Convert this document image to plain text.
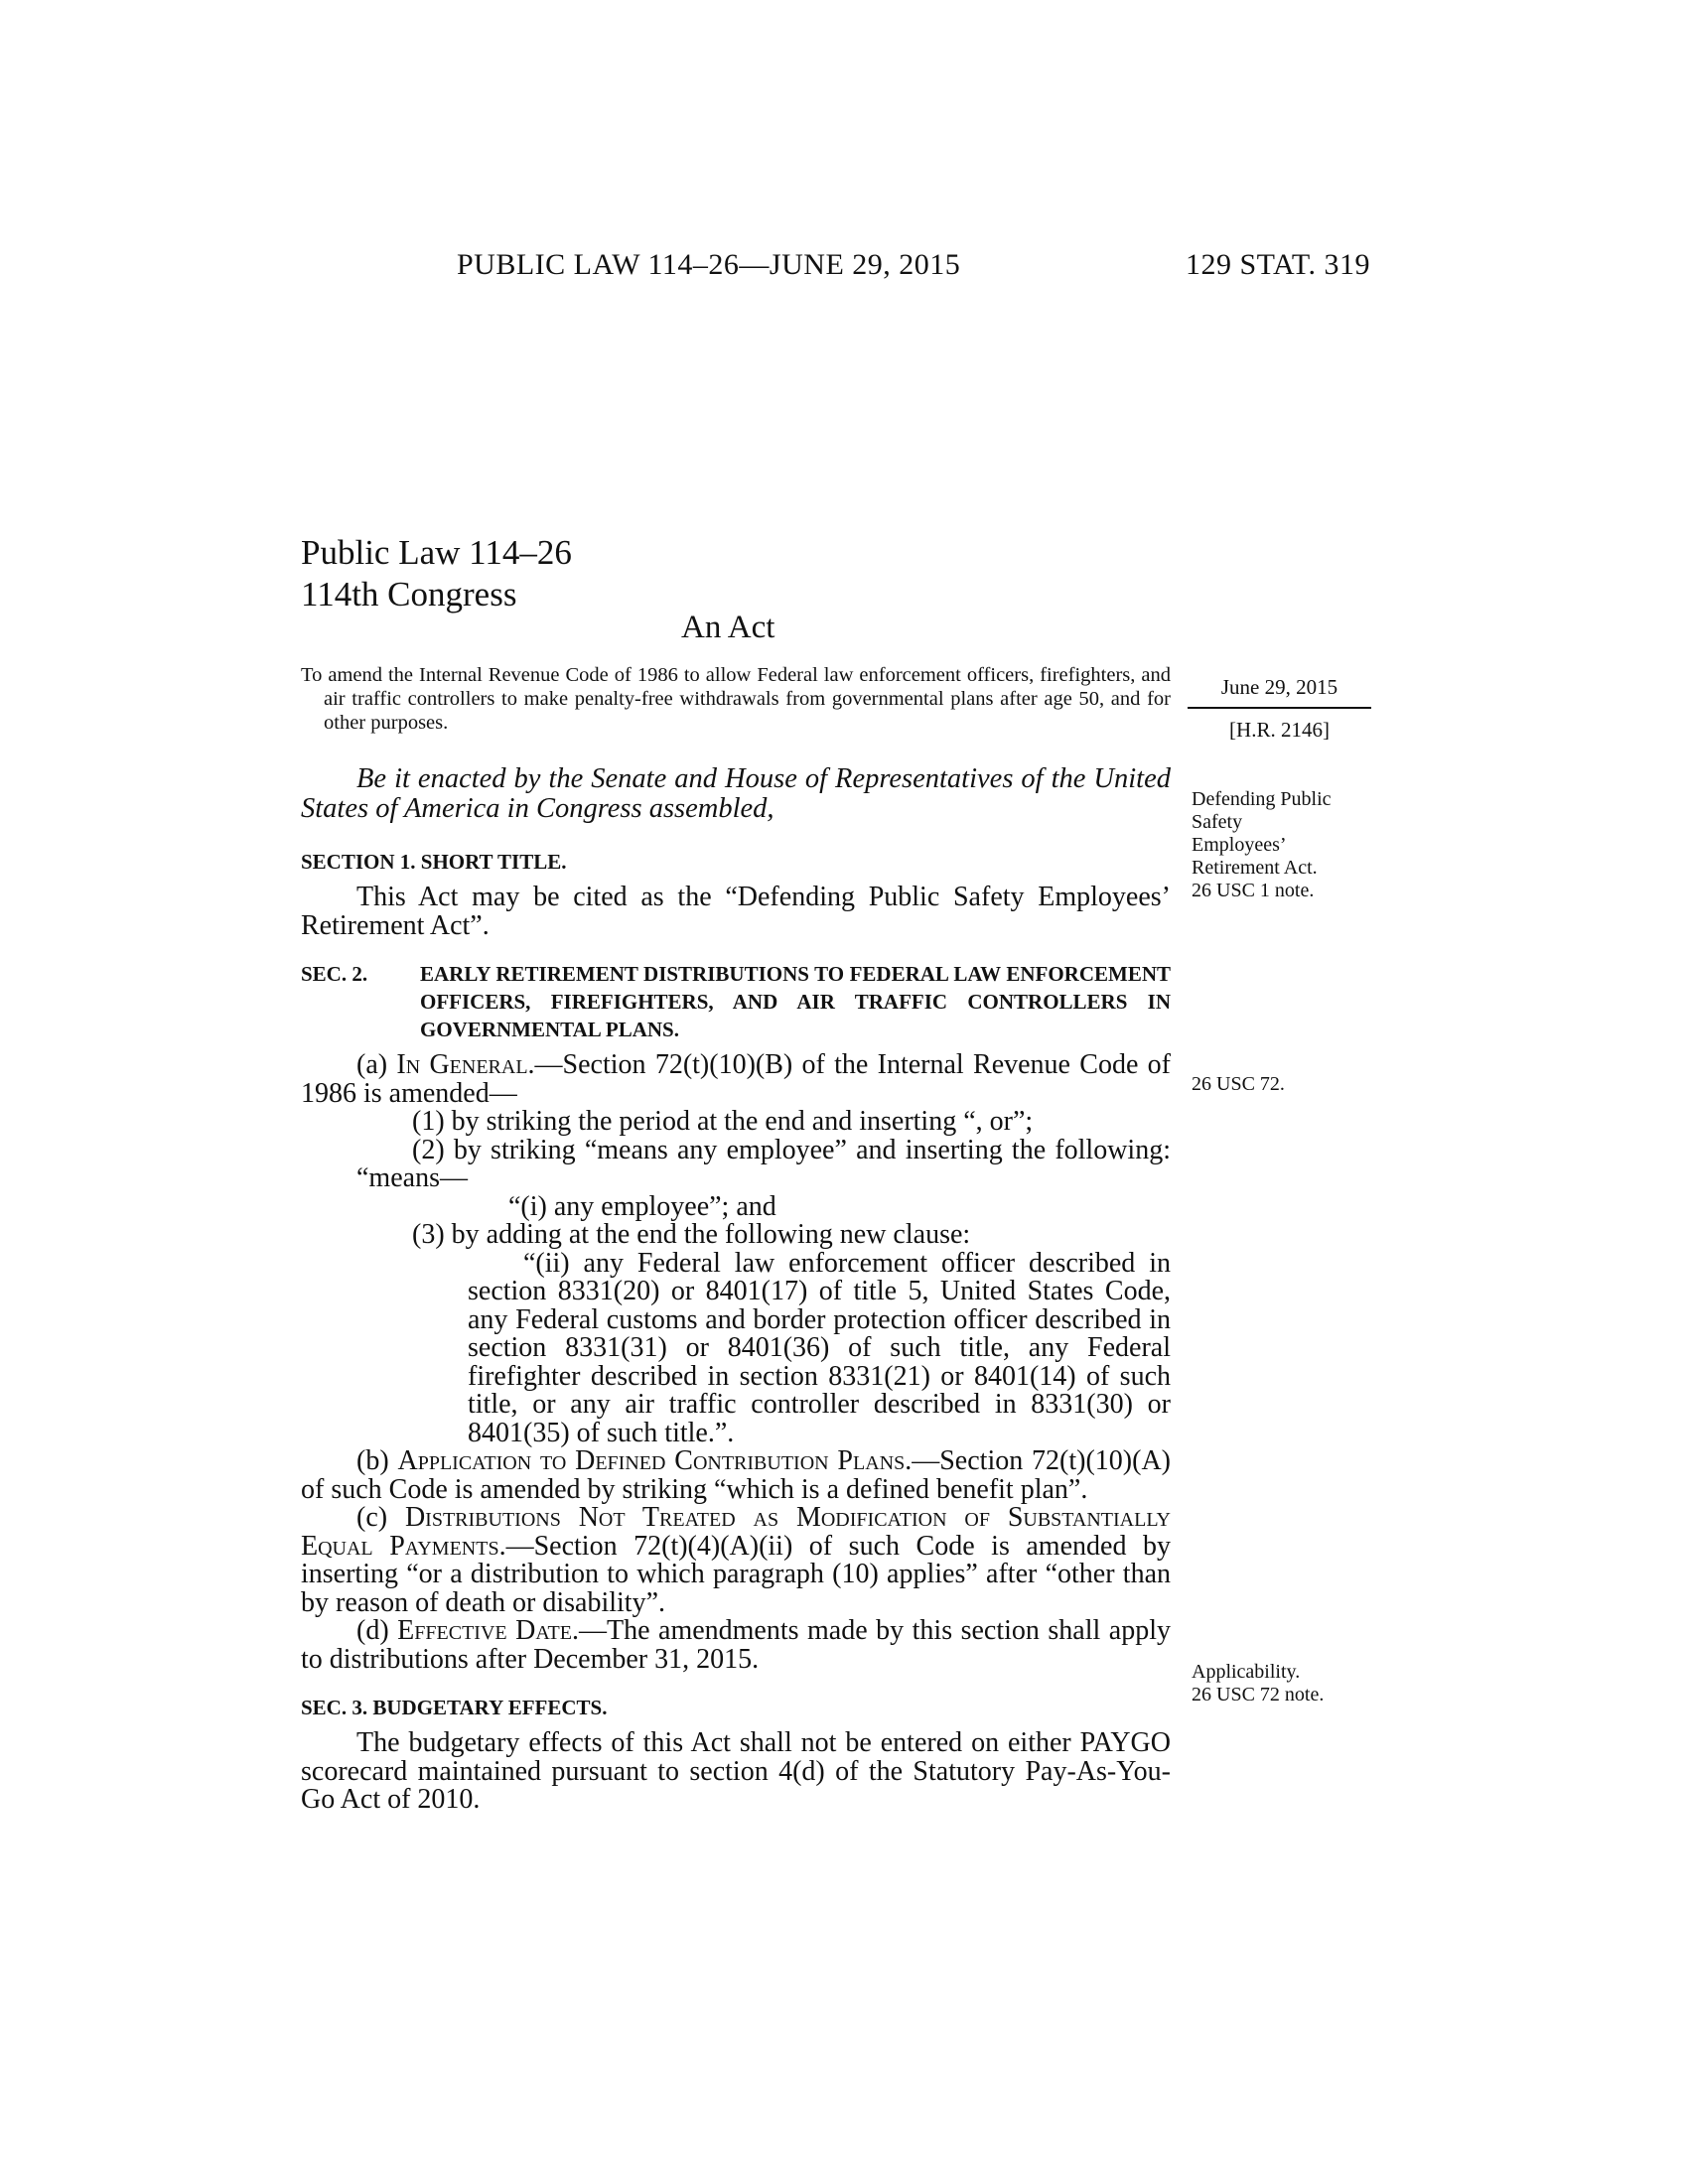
PUBLIC LAW 114–26—JUNE 29, 2015	129 STAT. 319
Public Law 114–26
114th Congress
An Act
June 29, 2015
[H.R. 2146]
Defending Public
Safety
Employees’
Retirement Act.
26 USC 1 note.
26 USC 72.
Applicability.
26 USC 72 note.

To amend the Internal Revenue Code of 1986 to allow Federal law enforcement officers, firefighters, and air traffic controllers to make penalty-free withdrawals from governmental plans after age 50, and for other purposes.

Be it enacted by the Senate and House of Representatives of the United States of America in Congress assembled,

SECTION 1. SHORT TITLE.

This Act may be cited as the “Defending Public Safety Employees’ Retirement Act”.

SEC. 2.	EARLY RETIREMENT DISTRIBUTIONS TO FEDERAL LAW ENFORCEMENT OFFICERS, FIREFIGHTERS, AND AIR TRAFFIC CONTROLLERS IN GOVERNMENTAL PLANS.

(a) In General.—Section 72(t)(10)(B) of the Internal Revenue Code of 1986 is amended—

(1) by striking the period at the end and inserting “, or”;

(2) by striking “means any employee” and inserting the following: “means—

“(i) any employee”; and

(3) by adding at the end the following new clause:

“(ii) any Federal law enforcement officer described in section 8331(20) or 8401(17) of title 5, United States Code, any Federal customs and border protection officer described in section 8331(31) or 8401(36) of such title, any Federal firefighter described in section 8331(21) or 8401(14) of such title, or any air traffic controller described in 8331(30) or 8401(35) of such title.”.

(b) Application to Defined Contribution Plans.—Section 72(t)(10)(A) of such Code is amended by striking “which is a defined benefit plan”.

(c) Distributions Not Treated as Modification of Substantially Equal Payments.—Section 72(t)(4)(A)(ii) of such Code is amended by inserting “or a distribution to which paragraph (10) applies” after “other than by reason of death or disability”.

(d) Effective Date.—The amendments made by this section shall apply to distributions after December 31, 2015.

SEC. 3. BUDGETARY EFFECTS.

The budgetary effects of this Act shall not be entered on either PAYGO scorecard maintained pursuant to section 4(d) of the Statutory Pay-As-You-Go Act of 2010.
